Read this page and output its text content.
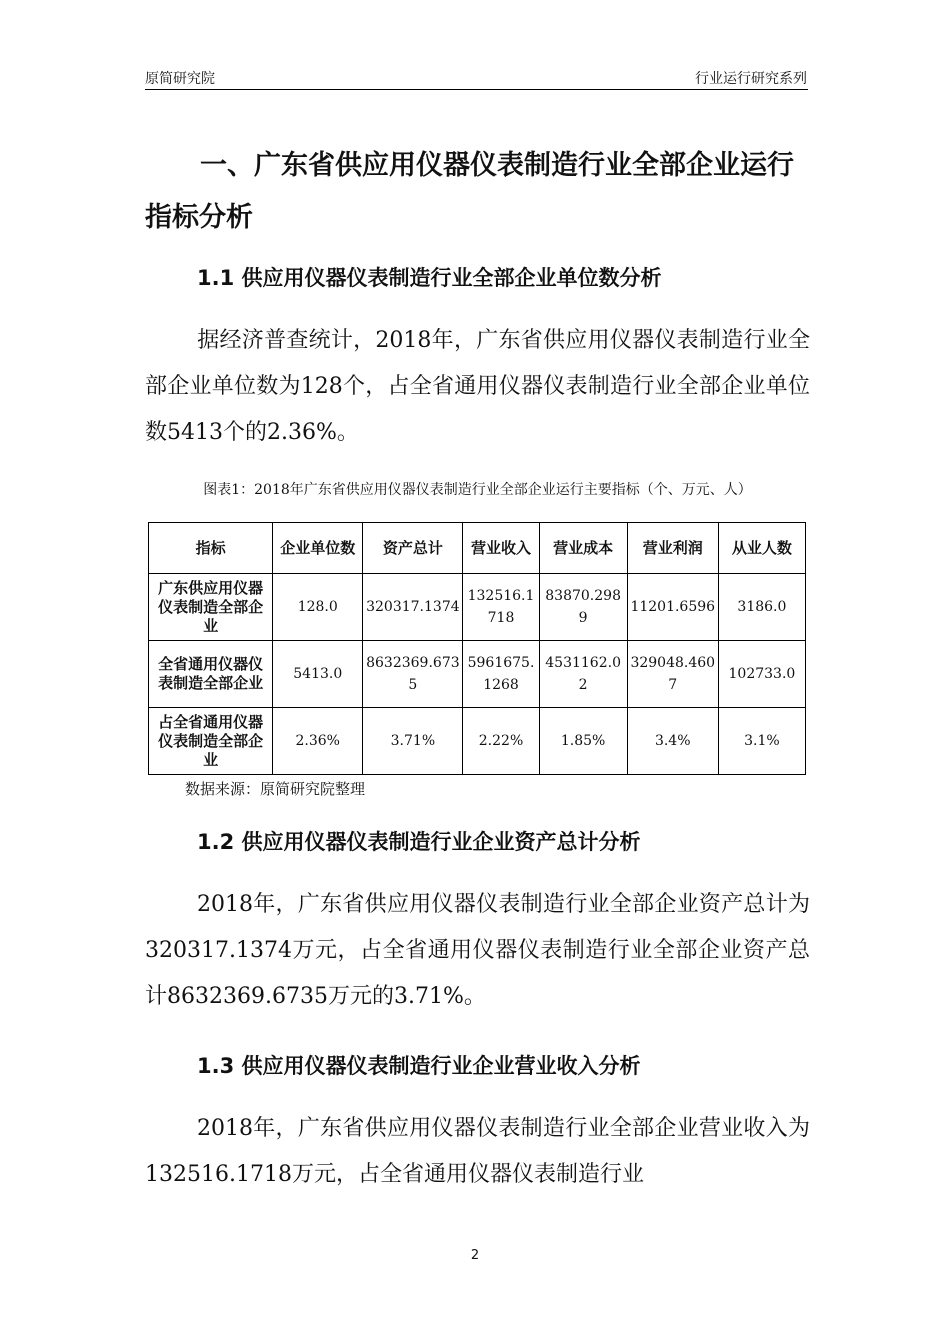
原简研究院	行业运行研究系列
一、广东省供应用仪器仪表制造行业全部企业运行指标分析
1.1 供应用仪器仪表制造行业全部企业单位数分析
据经济普查统计，2018年，广东省供应用仪器仪表制造行业全部企业单位数为128个，占全省通用仪器仪表制造行业全部企业单位数5413个的2.36%。
图表1：2018年广东省供应用仪器仪表制造行业全部企业运行主要指标（个、万元、人）
指标	企业单位数	资产总计	营业收入	营业成本	营业利润	从业人数
广东供应用仪器仪表制造全部企业	128.0	320317.1374	132516.1718	83870.2989	11201.6596	3186.0
全省通用仪器仪表制造全部企业	5413.0	8632369.6735	5961675.1268	4531162.02	329048.4607	102733.0
占全省通用仪器仪表制造全部企业	2.36%	3.71%	2.22%	1.85%	3.4%	3.1%
数据来源：原简研究院整理
1.2 供应用仪器仪表制造行业企业资产总计分析
2018年，广东省供应用仪器仪表制造行业全部企业资产总计为320317.1374万元，占全省通用仪器仪表制造行业全部企业资产总计8632369.6735万元的3.71%。
1.3 供应用仪器仪表制造行业企业营业收入分析
2018年，广东省供应用仪器仪表制造行业全部企业营业收入为132516.1718万元，占全省通用仪器仪表制造行业
2
